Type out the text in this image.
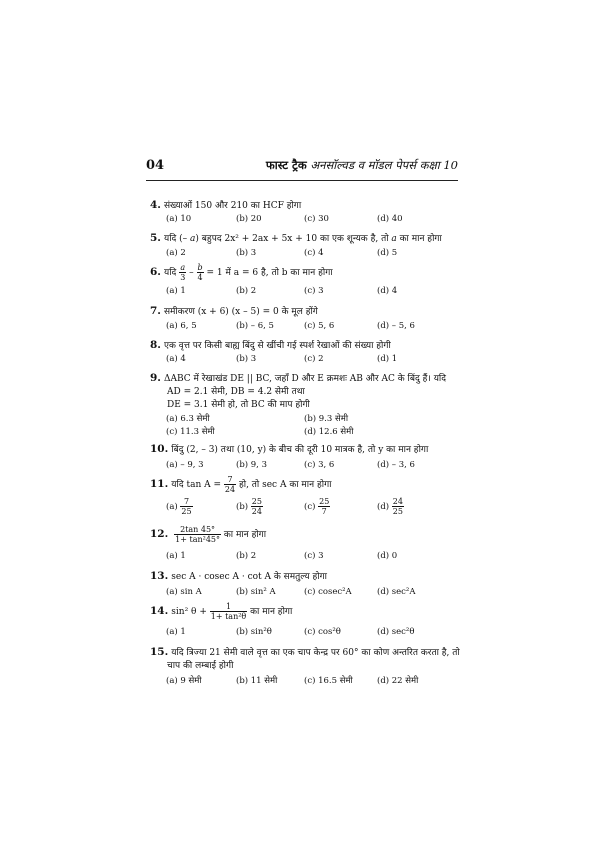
04	फास्ट ट्रैक अनसॉल्वड व मॉडल पेपर्स कक्षा 10
4. संख्याओं 150 और 210 का HCF होगा
(a) 10	(b) 20	(c) 30	(d) 40
5. यदि (– a) बहुपद 2x² + 2ax + 5x + 10 का एक शून्यक है, तो a का मान होगा
(a) 2	(b) 3	(c) 4	(d) 5
6. यदि $\frac{a}{3} - \frac{b}{4} = 1$ में a = 6 है, तो b का मान होगा
(a) 1	(b) 2	(c) 3	(d) 4
7. समीकरण (x + 6) (x – 5) = 0 के मूल होंगे
(a) 6, 5	(b) – 6, 5	(c) 5, 6	(d) – 5, 6
8. एक वृत्त पर किसी बाह्य बिंदु से खींची गई स्पर्श रेखाओं की संख्या होगी
(a) 4	(b) 3	(c) 2	(d) 1
9. ΔABC में रेखाखंड DE || BC, जहाँ D और E क्रमशः AB और AC के बिंदु हैं। यदि
AD = 2.1 सेमी, DB = 4.2 सेमी तथा
DE = 3.1 सेमी हो, तो BC की माप होगी
(a) 6.3 सेमी	(b) 9.3 सेमी
(c) 11.3 सेमी	(d) 12.6 सेमी
10. बिंदु (2, – 3) तथा (10, y) के बीच की दूरी 10 मात्रक है, तो y का मान होगा
(a) – 9, 3	(b) 9, 3	(c) 3, 6	(d) – 3, 6
11. यदि $\tan A = \frac{7}{24}$ हो, तो sec A का मान होगा
$(a) \frac{7}{25}$	$(b) \frac{25}{24}$	$(c) \frac{25}{7}$	$(d) \frac{24}{25}$
12. $\frac{2\tan 45^\circ}{\text{1+ tan²45°}}$ का मान होगा
(a) 1	(b) 2	(c) 3	(d) 0
13. sec A · cosec A · cot A के समतुल्य होगा
(a) sin A	(b) sin² A	(c) cosec²A	(d) sec²A
14. sin² $\theta + \frac{1}{\text{1+ tan²θ}}$ का मान होगा
(a) 1	(b) sin²θ	(c) cos²θ	(d) sec²θ
15. यदि त्रिज्या 21 सेमी वाले वृत्त का एक चाप केन्द्र पर 60° का कोण अन्तरित करता है, तो
चाप की लम्बाई होगी
(a) 9 सेमी	(b) 11 सेमी	(c) 16.5 सेमी	(d) 22 सेमी
